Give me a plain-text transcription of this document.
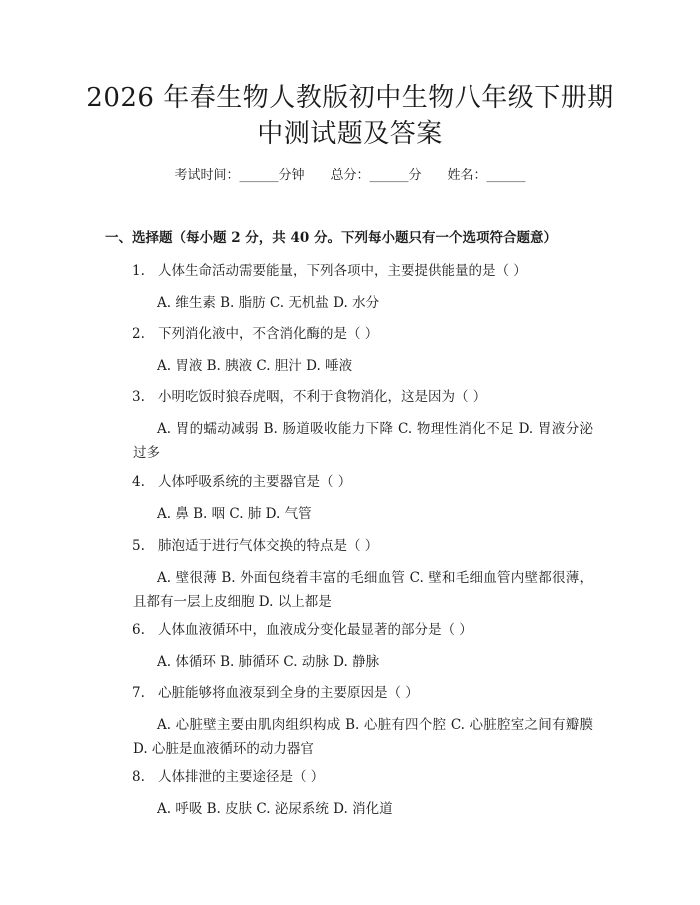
2026 年春生物人教版初中生物八年级下册期
中测试题及答案
考试时间：______分钟 总分：______分 姓名：______
一、选择题（每小题 2 分，共 40 分。下列每小题只有一个选项符合题意）
1. 人体生命活动需要能量，下列各项中，主要提供能量的是（ ）
A. 维生素 B. 脂肪 C. 无机盐 D. 水分
2. 下列消化液中，不含消化酶的是（ ）
A. 胃液 B. 胰液 C. 胆汁 D. 唾液
3. 小明吃饭时狼吞虎咽，不利于食物消化，这是因为（ ）
A. 胃的蠕动减弱 B. 肠道吸收能力下降 C. 物理性消化不足 D. 胃液分泌过多
4. 人体呼吸系统的主要器官是（ ）
A. 鼻 B. 咽 C. 肺 D. 气管
5. 肺泡适于进行气体交换的特点是（ ）
A. 壁很薄 B. 外面包绕着丰富的毛细血管 C. 壁和毛细血管内壁都很薄，且都有一层上皮细胞 D. 以上都是
6. 人体血液循环中，血液成分变化最显著的部分是（ ）
A. 体循环 B. 肺循环 C. 动脉 D. 静脉
7. 心脏能够将血液泵到全身的主要原因是（ ）
A. 心脏壁主要由肌肉组织构成 B. 心脏有四个腔 C. 心脏腔室之间有瓣膜 D. 心脏是血液循环的动力器官
8. 人体排泄的主要途径是（ ）
A. 呼吸 B. 皮肤 C. 泌尿系统 D. 消化道
